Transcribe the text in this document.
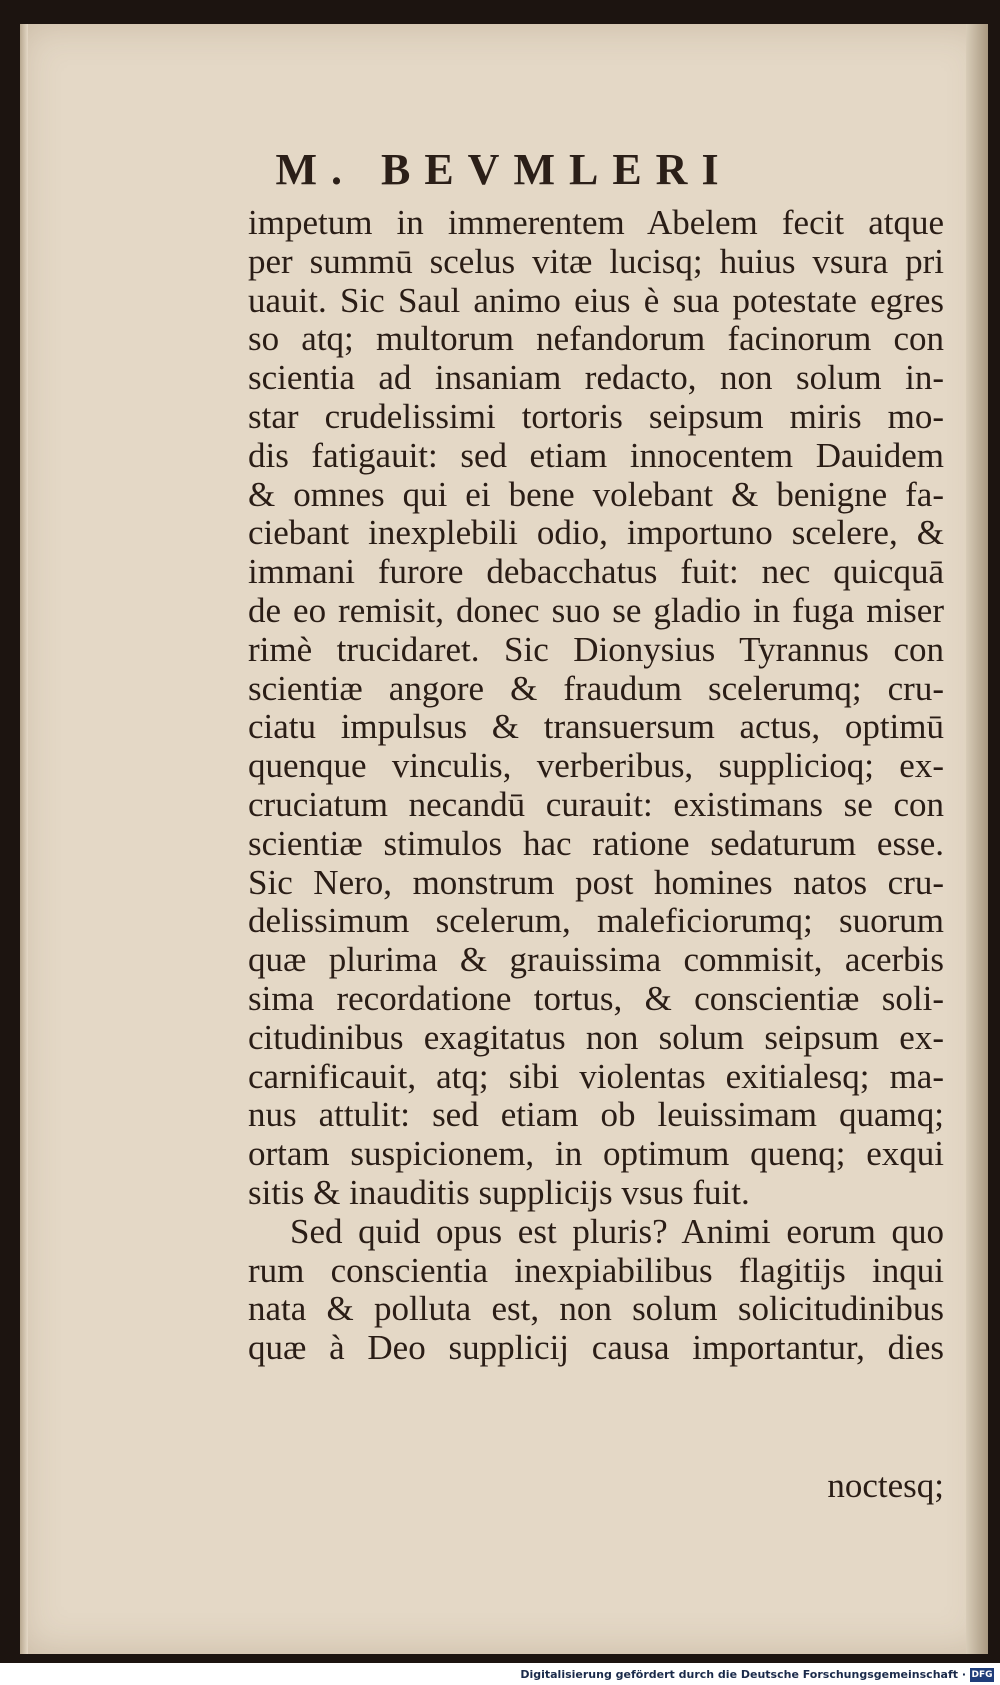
M. BEVMLERI
impetum in immerentem Abelem fecit atque
per summū scelus vitæ lucisq; huius vsura pri
uauit. Sic Saul animo eius è sua potestate egres
so atq; multorum nefandorum facinorum con
scientia ad insaniam redacto, non solum in-
star crudelissimi tortoris seipsum miris mo-
dis fatigauit: sed etiam innocentem Dauidem
& omnes qui ei bene volebant & benigne fa-
ciebant inexplebili odio, importuno scelere, &
immani furore debacchatus fuit: nec quicquā
de eo remisit, donec suo se gladio in fuga miser
rimè trucidaret. Sic Dionysius Tyrannus con
scientiæ angore & fraudum scelerumq; cru-
ciatu impulsus & transuersum actus, optimū
quenque vinculis, verberibus, supplicioq; ex-
cruciatum necandū curauit: existimans se con
scientiæ stimulos hac ratione sedaturum esse.
Sic Nero, monstrum post homines natos cru-
delissimum scelerum, maleficiorumq; suorum
quæ plurima & grauissima commisit, acerbis
sima recordatione tortus, & conscientiæ soli-
citudinibus exagitatus non solum seipsum ex-
carnificauit, atq; sibi violentas exitialesq; ma-
nus attulit: sed etiam ob leuissimam quamq;
ortam suspicionem, in optimum quenq; exqui
sitis & inauditis supplicijs vsus fuit.
Sed quid opus est pluris? Animi eorum quo
rum conscientia inexpiabilibus flagitijs inqui
nata & polluta est, non solum solicitudinibus
quæ à Deo supplicij causa importantur, dies
noctesq;
Digitalisierung gefördert durch die Deutsche Forschungsgemeinschaft · DFG
